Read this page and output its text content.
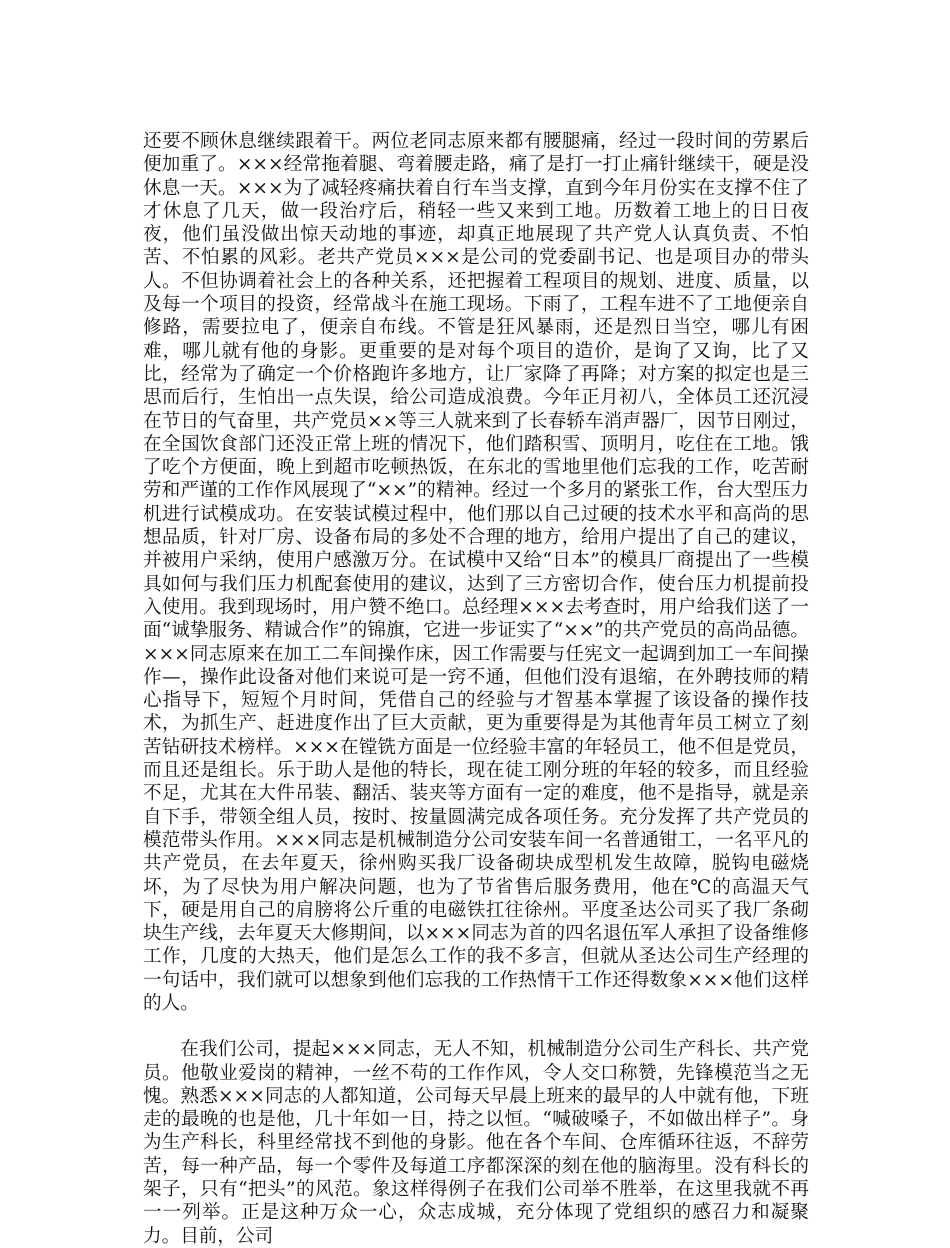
还要不顾休息继续跟着干。两位老同志原来都有腰腿痛，经过一段时间的劳累后便加重了。×××经常拖着腿、弯着腰走路，痛了是打一打止痛针继续干，硬是没休息一天。×××为了减轻疼痛扶着自行车当支撑，直到今年月份实在支撑不住了才休息了几天，做一段治疗后，稍轻一些又来到工地。历数着工地上的日日夜夜，他们虽没做出惊天动地的事迹，却真正地展现了共产党人认真负责、不怕苦、不怕累的风彩。老共产党员×××是公司的党委副书记、也是项目办的带头人。不但协调着社会上的各种关系，还把握着工程项目的规划、进度、质量，以及每一个项目的投资，经常战斗在施工现场。下雨了，工程车进不了工地便亲自修路，需要拉电了，便亲自布线。不管是狂风暴雨，还是烈日当空，哪儿有困难，哪儿就有他的身影。更重要的是对每个项目的造价，是询了又询，比了又比，经常为了确定一个价格跑许多地方，让厂家降了再降；对方案的拟定也是三思而后行，生怕出一点失误，给公司造成浪费。今年正月初八，全体员工还沉浸在节日的气奋里，共产党员××等三人就来到了长春轿车消声器厂，因节日刚过，在全国饮食部门还没正常上班的情况下，他们踏积雪、顶明月，吃住在工地。饿了吃个方便面，晚上到超市吃顿热饭，在东北的雪地里他们忘我的工作，吃苦耐劳和严谨的工作作风展现了“××”的精神。经过一个多月的紧张工作，台大型压力机进行试模成功。在安装试模过程中，他们那以自己过硬的技术水平和高尚的思想品质，针对厂房、设备布局的多处不合理的地方，给用户提出了自己的建议，并被用户采纳，使用户感激万分。在试模中又给“日本”的模具厂商提出了一些模具如何与我们压力机配套使用的建议，达到了三方密切合作，使台压力机提前投入使用。我到现场时，用户赞不绝口。总经理×××去考查时，用户给我们送了一面“诚挚服务、精诚合作”的锦旗，它进一步证实了“××”的共产党员的高尚品德。×××同志原来在加工二车间操作床，因工作需要与任宪文一起调到加工一车间操作—，操作此设备对他们来说可是一窍不通，但他们没有退缩，在外聘技师的精心指导下，短短个月时间，凭借自己的经验与才智基本掌握了该设备的操作技术，为抓生产、赶进度作出了巨大贡献，更为重要得是为其他青年员工树立了刻苦钻研技术榜样。×××在镗铣方面是一位经验丰富的年轻员工，他不但是党员，而且还是组长。乐于助人是他的特长，现在徒工刚分班的年轻的较多，而且经验不足，尤其在大件吊装、翻活、装夹等方面有一定的难度，他不是指导，就是亲自下手，带领全组人员，按时、按量圆满完成各项任务。充分发挥了共产党员的模范带头作用。×××同志是机械制造分公司安装车间一名普通钳工，一名平凡的共产党员，在去年夏天，徐州购买我厂设备砌块成型机发生故障，脱钩电磁烧坏，为了尽快为用户解决问题，也为了节省售后服务费用，他在℃的高温天气下，硬是用自己的肩膀将公斤重的电磁铁扛往徐州。平度圣达公司买了我厂条砌块生产线，去年夏天大修期间，以×××同志为首的四名退伍军人承担了设备维修工作，几度的大热天，他们是怎么工作的我不多言，但就从圣达公司生产经理的一句话中，我们就可以想象到他们忘我的工作热情干工作还得数象×××他们这样的人。

在我们公司，提起×××同志，无人不知，机械制造分公司生产科长、共产党员。他敬业爱岗的精神，一丝不苟的工作作风，令人交口称赞，先锋模范当之无愧。熟悉×××同志的人都知道，公司每天早晨上班来的最早的人中就有他，下班走的最晚的也是他，几十年如一日，持之以恒。“喊破嗓子，不如做出样子”。身为生产科长，科里经常找不到他的身影。他在各个车间、仓库循环往返，不辞劳苦，每一种产品，每一个零件及每道工序都深深的刻在他的脑海里。没有科长的架子，只有“把头”的风范。象这样得例子在我们公司举不胜举，在这里我就不再一一列举。正是这种万众一心，众志成城，充分体现了党组织的感召力和凝聚力。目前，公司
